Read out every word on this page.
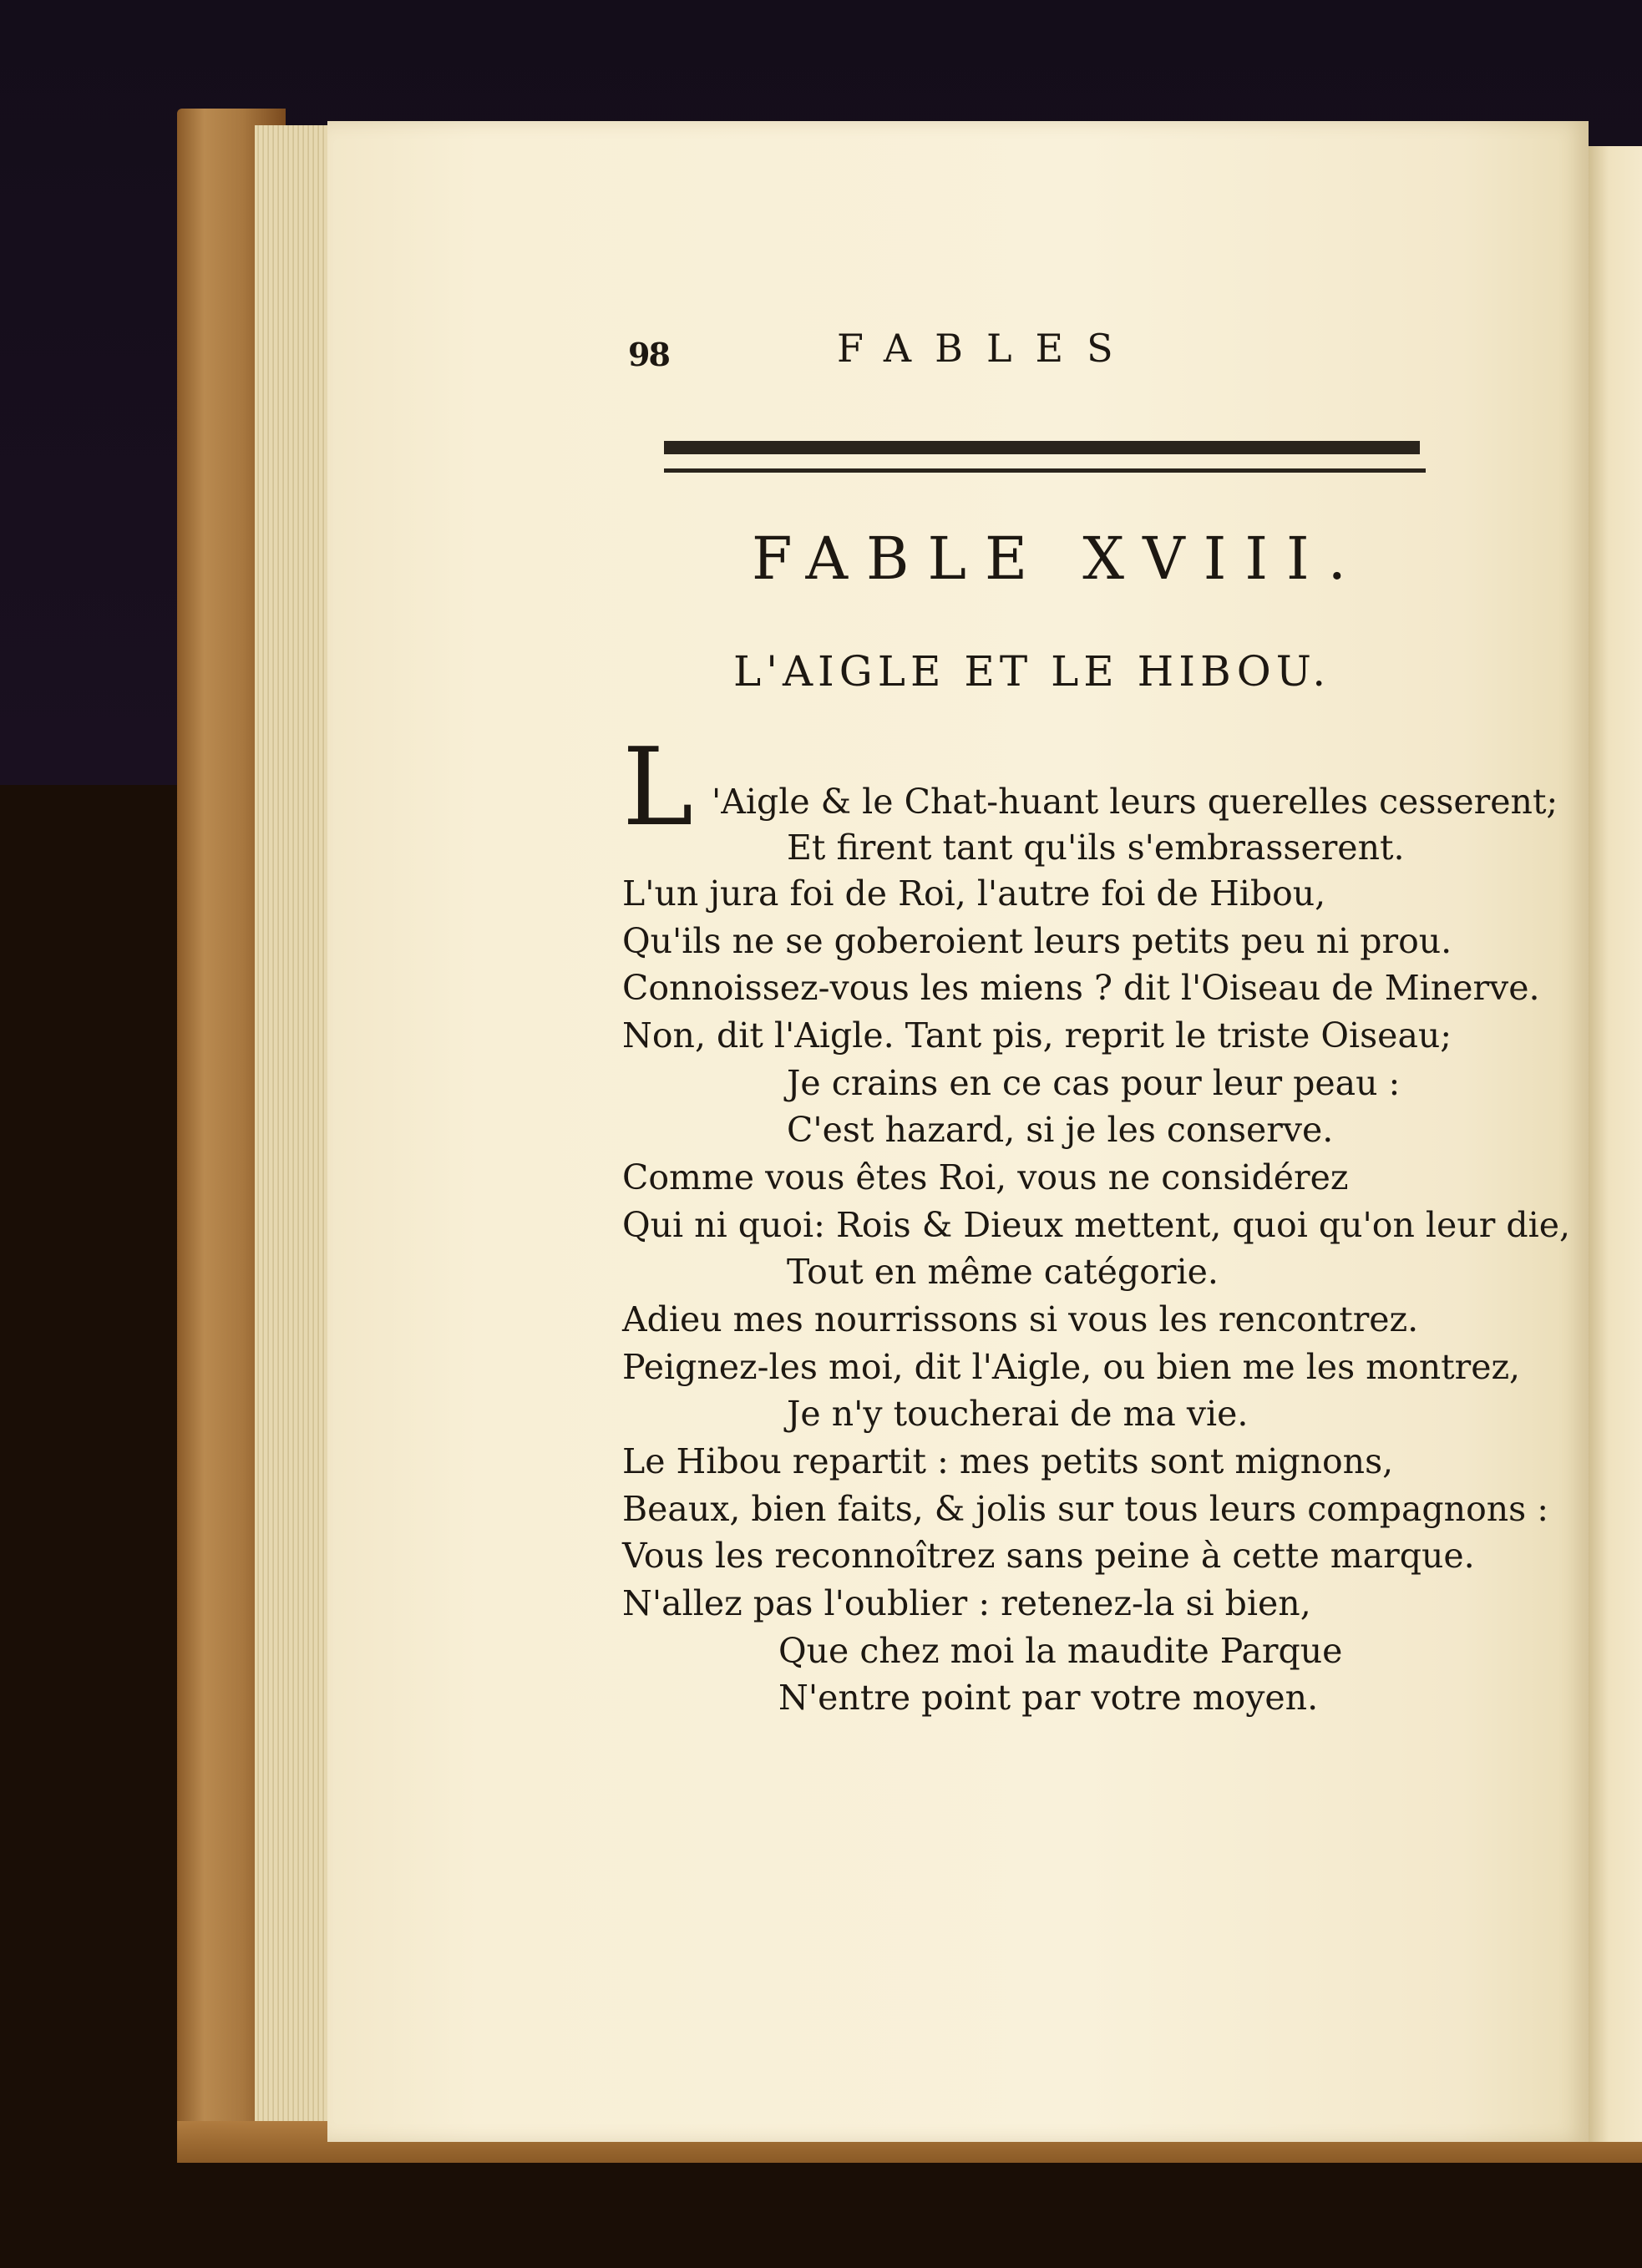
98	FABLES
FABLE XVIII.
L'AIGLE ET LE HIBOU.
L 'Aigle & le Chat-huant leurs querelles cesserent;
Et firent tant qu'ils s'embrasserent.
L'un jura foi de Roi, l'autre foi de Hibou,
Qu'ils ne se goberoient leurs petits peu ni prou.
Connoissez-vous les miens ? dit l'Oiseau de Minerve.
Non, dit l'Aigle. Tant pis, reprit le triste Oiseau;
Je crains en ce cas pour leur peau :
C'est hazard, si je les conserve.
Comme vous êtes Roi, vous ne considérez
Qui ni quoi: Rois & Dieux mettent, quoi qu'on leur die,
Tout en même catégorie.
Adieu mes nourrissons si vous les rencontrez.
Peignez-les moi, dit l'Aigle, ou bien me les montrez,
Je n'y toucherai de ma vie.
Le Hibou repartit : mes petits sont mignons,
Beaux, bien faits, & jolis sur tous leurs compagnons :
Vous les reconnoîtrez sans peine à cette marque.
N'allez pas l'oublier : retenez-la si bien,
Que chez moi la maudite Parque
N'entre point par votre moyen.
